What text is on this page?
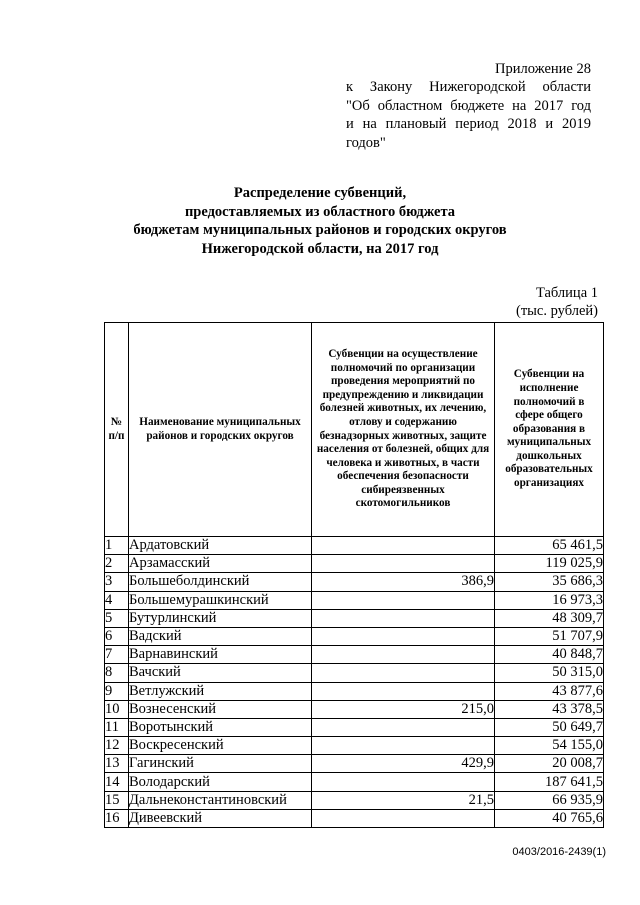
Приложение 28
к Закону Нижегородской области
"Об областном бюджете на 2017 год
и на плановый период 2018 и 2019
годов"
Распределение субвенций,
предоставляемых из областного бюджета
бюджетам муниципальных районов и городских округов
Нижегородской области, на 2017 год
Таблица 1
(тыс. рублей)
№ п/п	Наименование муниципальных районов и городских округов	Субвенции на осуществление полномочий по организации проведения мероприятий по предупреждению и ликвидации болезней животных, их лечению, отлову и содержанию безнадзорных животных, защите населения от болезней, общих для человека и животных, в части обеспечения безопасности сибиреязвенных скотомогильников	Субвенции на исполнение полномочий в сфере общего образования в муниципальных дошкольных образовательных организациях
1	Ардатовский		65 461,5
2	Арзамасский		119 025,9
3	Большеболдинский	386,9	35 686,3
4	Большемурашкинский		16 973,3
5	Бутурлинский		48 309,7
6	Вадский		51 707,9
7	Варнавинский		40 848,7
8	Вачский		50 315,0
9	Ветлужский		43 877,6
10	Вознесенский	215,0	43 378,5
11	Воротынский		50 649,7
12	Воскресенский		54 155,0
13	Гагинский	429,9	20 008,7
14	Володарский		187 641,5
15	Дальнеконстантиновский	21,5	66 935,9
16	Дивеевский		40 765,6
0403/2016-2439(1)
